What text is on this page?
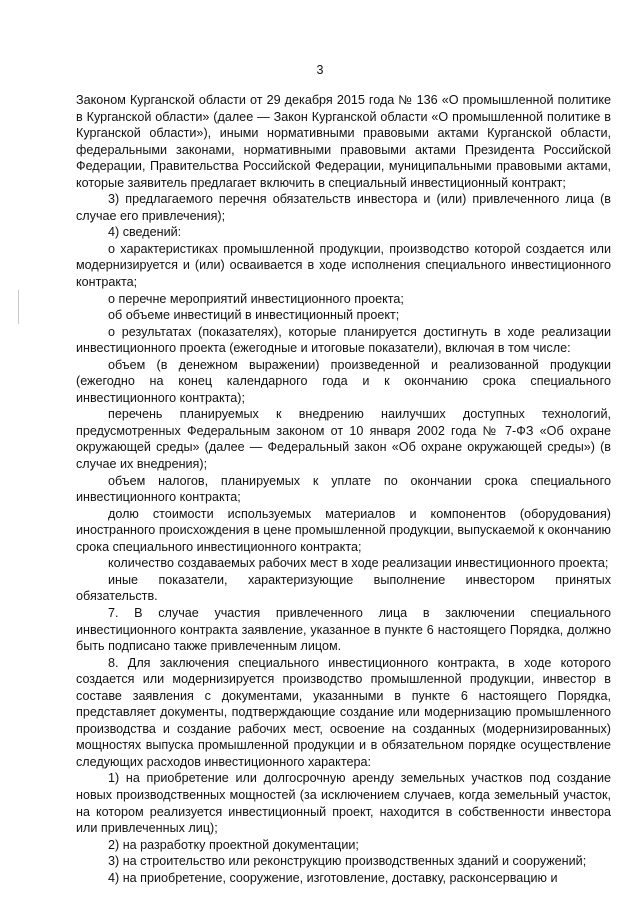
3

Законом Курганской области от 29 декабря 2015 года № 136 «О промышленной политике в Курганской области» (далее — Закон Курганской области «О промышленной политике в Курганской области»), иными нормативными правовыми актами Курганской области, федеральными законами, нормативными правовыми актами Президента Российской Федерации, Правительства Российской Федерации, муниципальными правовыми актами, которые заявитель предлагает включить в специальный инвестиционный контракт;

3) предлагаемого перечня обязательств инвестора и (или) привлеченного лица (в случае его привлечения);

4) сведений:

о характеристиках промышленной продукции, производство которой создается или модернизируется и (или) осваивается в ходе исполнения специального инвестиционного контракта;

о перечне мероприятий инвестиционного проекта;

об объеме инвестиций в инвестиционный проект;

о результатах (показателях), которые планируется достигнуть в ходе реализации инвестиционного проекта (ежегодные и итоговые показатели), включая в том числе:

объем (в денежном выражении) произведенной и реализованной продукции (ежегодно на конец календарного года и к окончанию срока специального инвестиционного контракта);

перечень планируемых к внедрению наилучших доступных технологий, предусмотренных Федеральным законом от 10 января 2002 года № 7-ФЗ «Об охране окружающей среды» (далее — Федеральный закон «Об охране окружающей среды») (в случае их внедрения);

объем налогов, планируемых к уплате по окончании срока специального инвестиционного контракта;

долю стоимости используемых материалов и компонентов (оборудования) иностранного происхождения в цене промышленной продукции, выпускаемой к окончанию срока специального инвестиционного контракта;

количество создаваемых рабочих мест в ходе реализации инвестиционного проекта;

иные показатели, характеризующие выполнение инвестором принятых обязательств.

7. В случае участия привлеченного лица в заключении специального инвестиционного контракта заявление, указанное в пункте 6 настоящего Порядка, должно быть подписано также привлеченным лицом.

8. Для заключения специального инвестиционного контракта, в ходе которого создается или модернизируется производство промышленной продукции, инвестор в составе заявления с документами, указанными в пункте 6 настоящего Порядка, представляет документы, подтверждающие создание или модернизацию промышленного производства и создание рабочих мест, освоение на созданных (модернизированных) мощностях выпуска промышленной продукции и в обязательном порядке осуществление следующих расходов инвестиционного характера:

1) на приобретение или долгосрочную аренду земельных участков под создание новых производственных мощностей (за исключением случаев, когда земельный участок, на котором реализуется инвестиционный проект, находится в собственности инвестора или привлеченных лиц);

2) на разработку проектной документации;

3) на строительство или реконструкцию производственных зданий и сооружений;

4) на приобретение, сооружение, изготовление, доставку, расконсервацию и
